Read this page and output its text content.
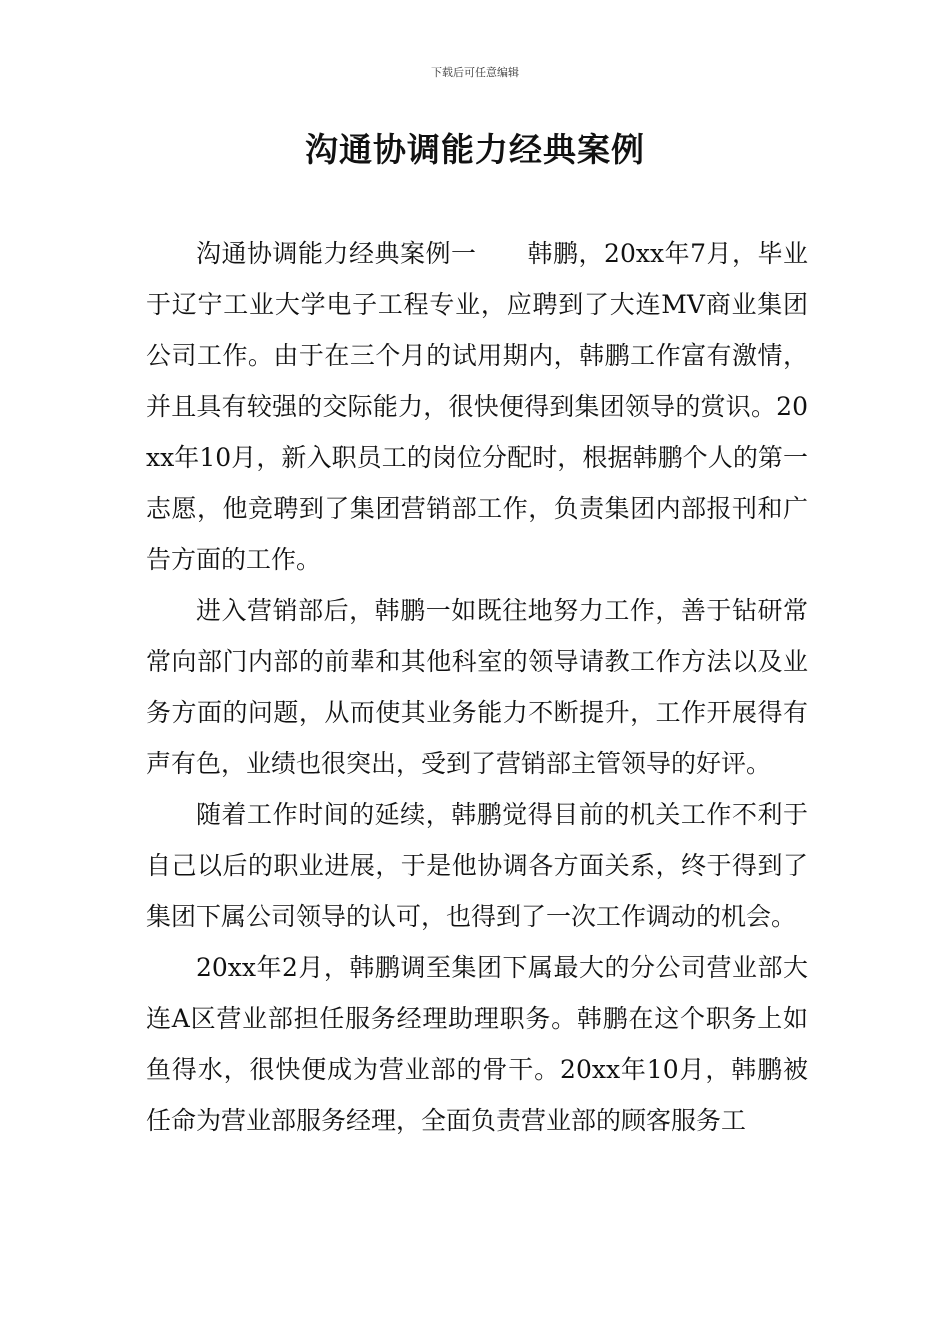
下载后可任意编辑
沟通协调能力经典案例

沟通协调能力经典案例一　　韩鹏，20xx年7月，毕业于辽宁工业大学电子工程专业，应聘到了大连MV商业集团公司工作。由于在三个月的试用期内，韩鹏工作富有激情，并且具有较强的交际能力，很快便得到集团领导的赏识。20xx年10月，新入职员工的岗位分配时，根据韩鹏个人的第一志愿，他竞聘到了集团营销部工作，负责集团内部报刊和广告方面的工作。

进入营销部后，韩鹏一如既往地努力工作，善于钻研常常向部门内部的前辈和其他科室的领导请教工作方法以及业务方面的问题，从而使其业务能力不断提升，工作开展得有声有色，业绩也很突出，受到了营销部主管领导的好评。

随着工作时间的延续，韩鹏觉得目前的机关工作不利于自己以后的职业进展，于是他协调各方面关系，终于得到了集团下属公司领导的认可，也得到了一次工作调动的机会。

20xx年2月，韩鹏调至集团下属最大的分公司营业部大连A区营业部担任服务经理助理职务。韩鹏在这个职务上如鱼得水，很快便成为营业部的骨干。20xx年10月，韩鹏被任命为营业部服务经理，全面负责营业部的顾客服务工
